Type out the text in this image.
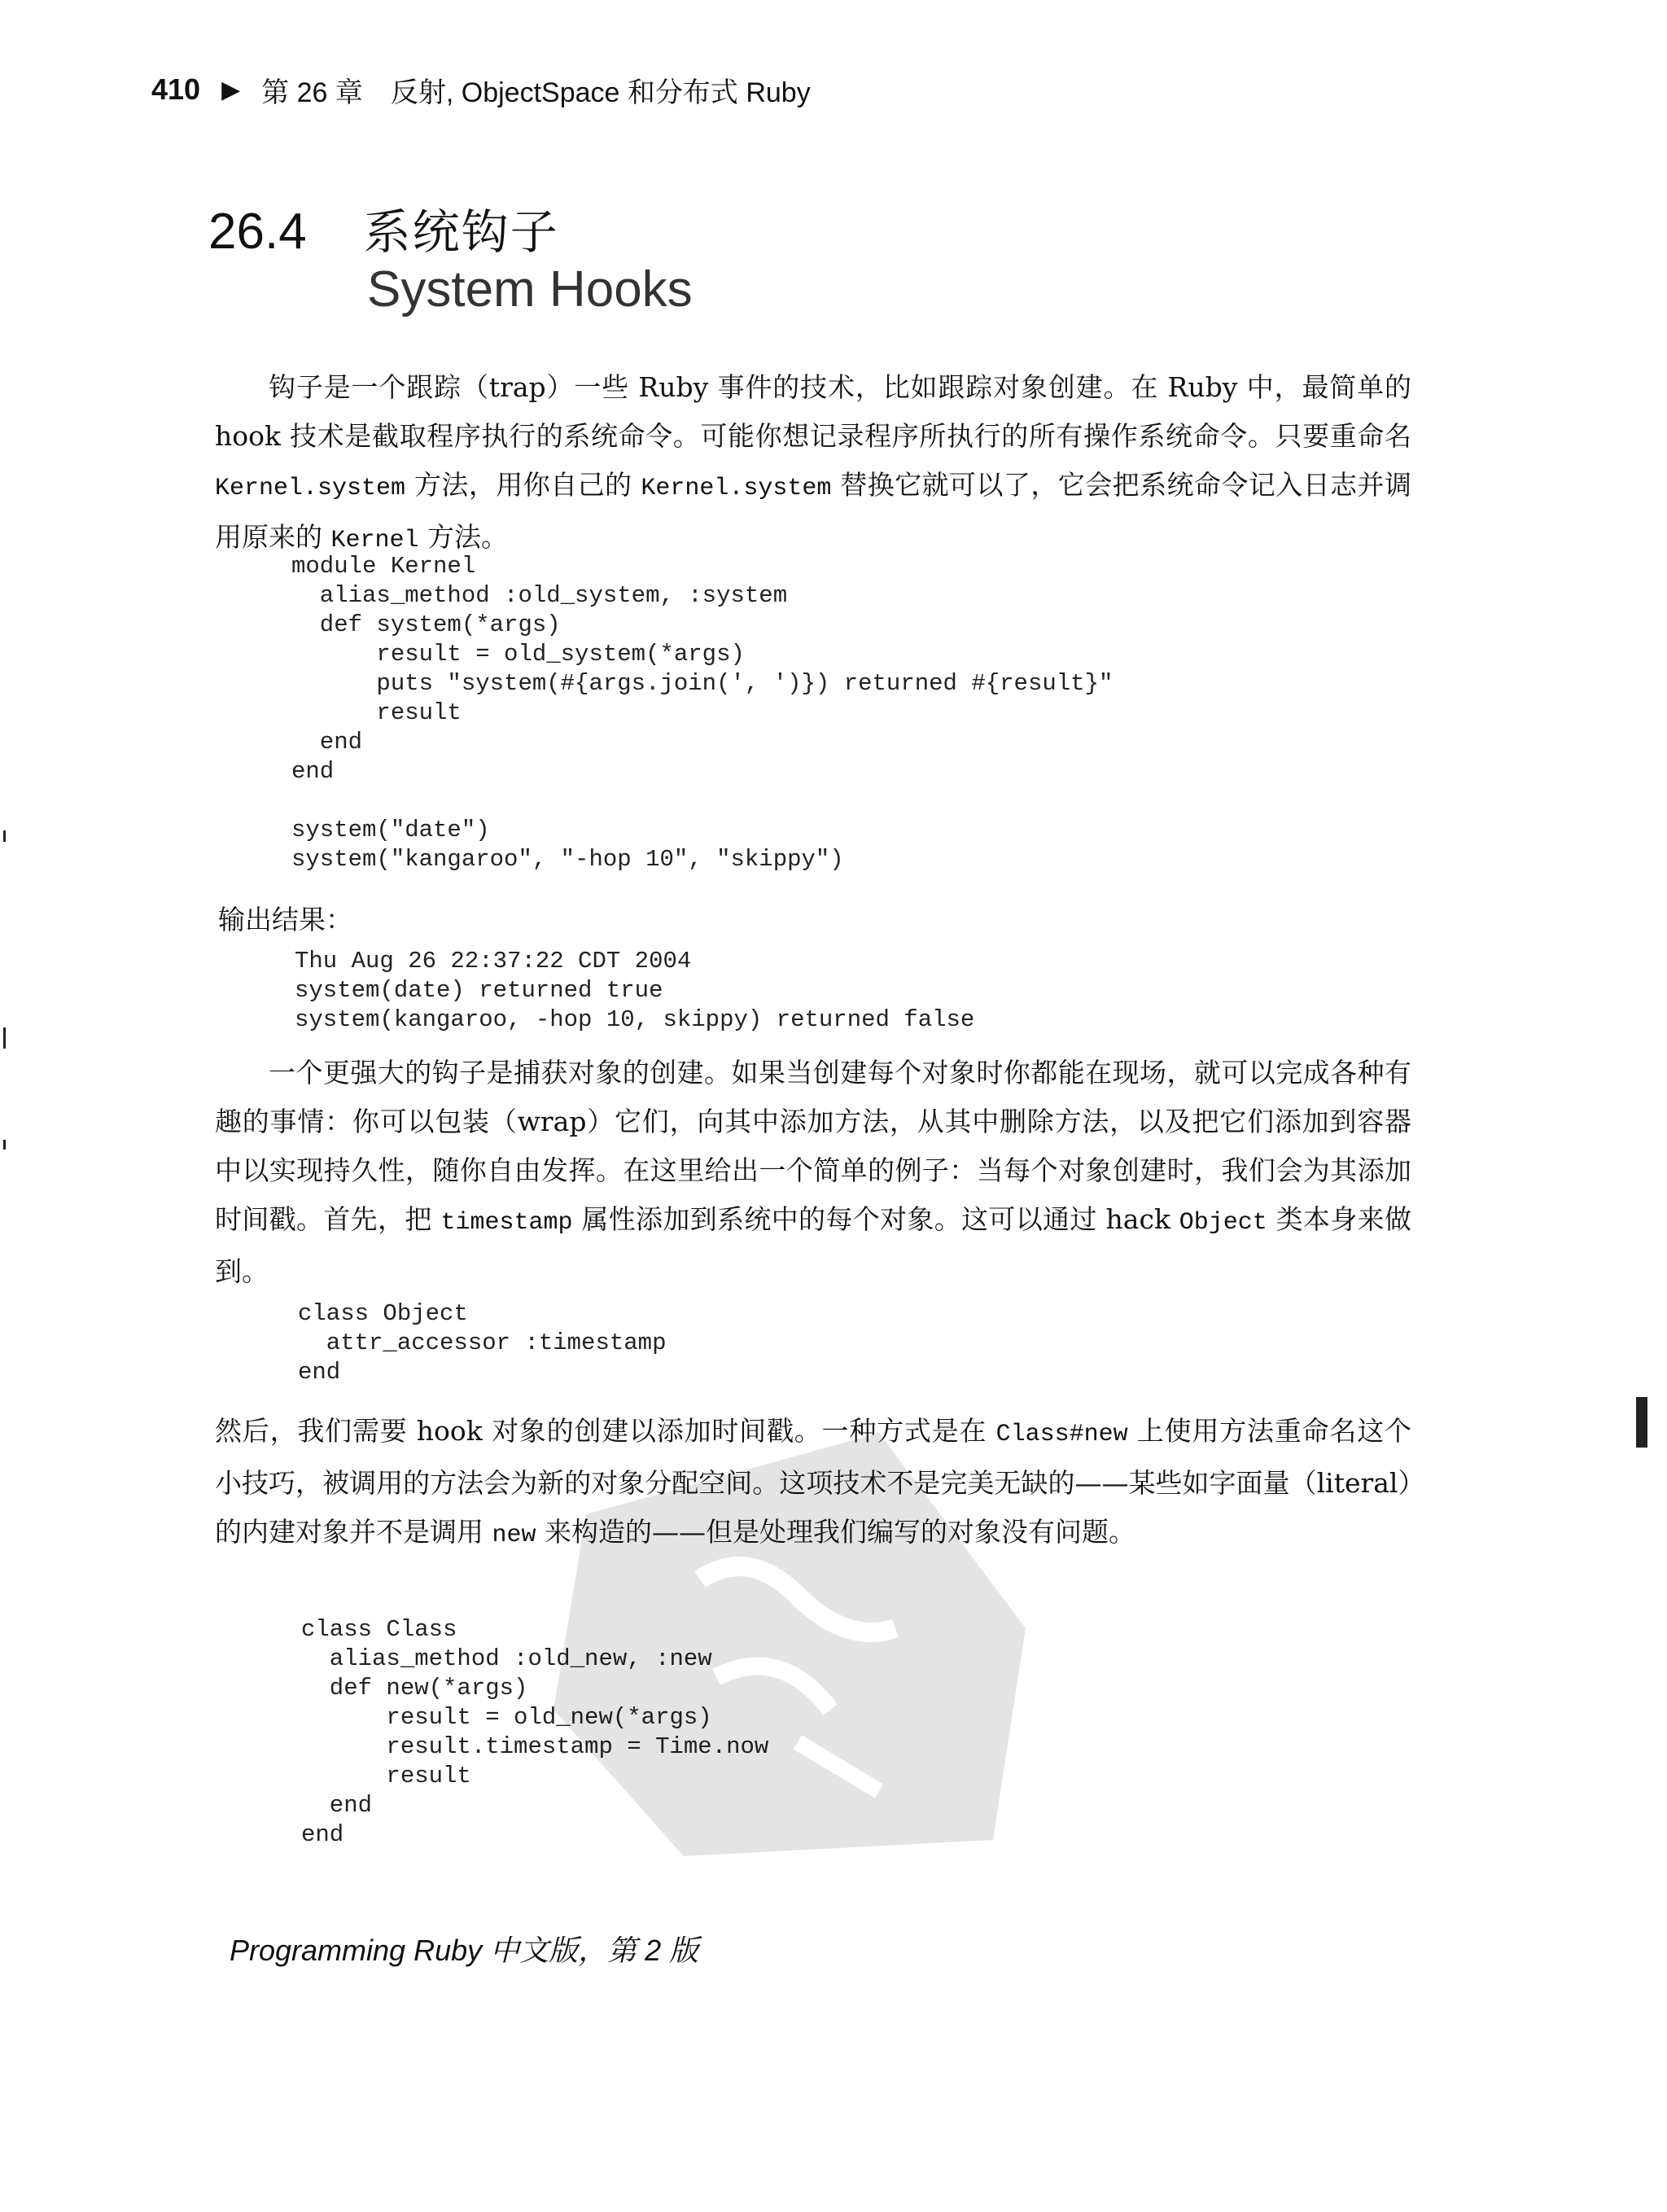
410 ▶ 第 26 章　反射, ObjectSpace 和分布式 Ruby
26.4 系统钩子
System Hooks

钩子是一个跟踪（trap）一些 Ruby 事件的技术，比如跟踪对象创建。在 Ruby 中，最简单的 hook 技术是截取程序执行的系统命令。可能你想记录程序所执行的所有操作系统命令。只要重命名 Kernel.system 方法，用你自己的 Kernel.system 替换它就可以了，它会把系统命令记入日志并调用原来的 Kernel 方法。

module Kernel
alias_method :old_system, :system
def system(*args)
result = old_system(*args)
puts "system(#{args.join(', ')}) returned #{result}"
result
end
end

system("date")
system("kangaroo", "-hop 10", "skippy")
输出结果：
Thu Aug 26 22:37:22 CDT 2004
system(date) returned true
system(kangaroo, -hop 10, skippy) returned false

一个更强大的钩子是捕获对象的创建。如果当创建每个对象时你都能在现场，就可以完成各种有趣的事情：你可以包装（wrap）它们，向其中添加方法，从其中删除方法，以及把它们添加到容器中以实现持久性，随你自由发挥。在这里给出一个简单的例子：当每个对象创建时，我们会为其添加时间戳。首先，把 timestamp 属性添加到系统中的每个对象。这可以通过 hack Object 类本身来做到。

class Object
attr_accessor :timestamp
end

然后，我们需要 hook 对象的创建以添加时间戳。一种方式是在 Class#new 上使用方法重命名这个小技巧，被调用的方法会为新的对象分配空间。这项技术不是完美无缺的——某些如字面量（literal）的内建对象并不是调用 new 来构造的——但是处理我们编写的对象没有问题。

class Class
alias_method :old_new, :new
def new(*args)
result = old_new(*args)
result.timestamp = Time.now
result
end
end
Programming Ruby 中文版，第 2 版
